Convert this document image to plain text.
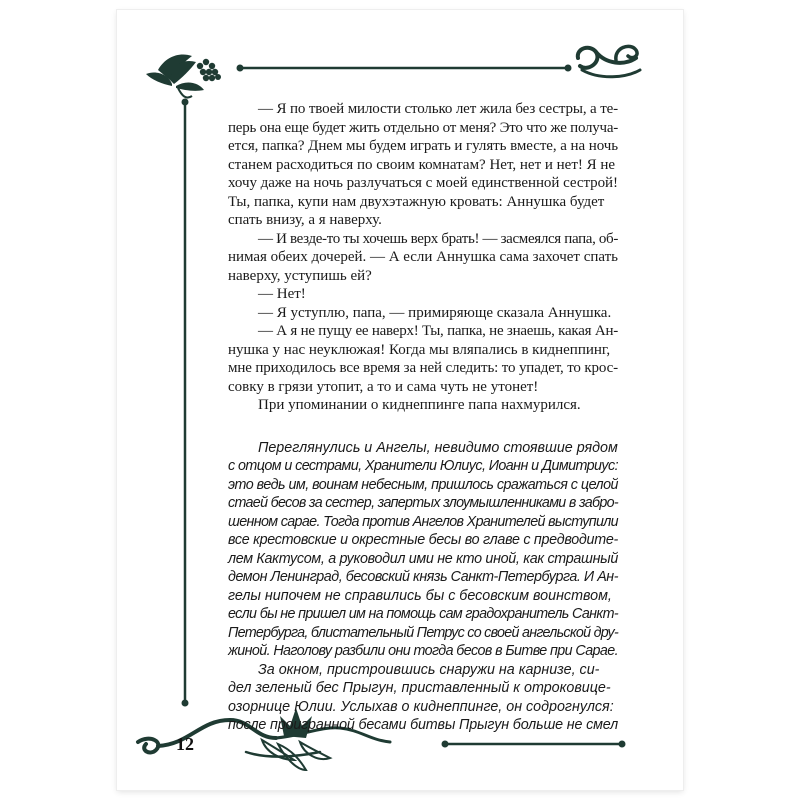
— Я по твоей милости столько лет жила без сестры, а те-

перь она еще будет жить отдельно от меня? Это что же получа-

ется, папка? Днем мы будем играть и гулять вместе, а на ночь

станем расходиться по своим комнатам? Нет, нет и нет! Я не

хочу даже на ночь разлучаться с моей единственной сестрой!

Ты, папка, купи нам двухэтажную кровать: Аннушка будет

спать внизу, а я наверху.

— И везде-то ты хочешь верх брать! — засмеялся папа, об-

нимая обеих дочерей. — А если Аннушка сама захочет спать

наверху, уступишь ей?

— Нет!

— Я уступлю, папа, — примиряюще сказала Аннушка.

— А я не пущу ее наверх! Ты, папка, не знаешь, какая Ан-

нушка у нас неуклюжая! Когда мы вляпались в киднеппинг,

мне приходилось все время за ней следить: то упадет, то крос-

совку в грязи утопит, а то и сама чуть не утонет!

При упоминании о киднеппинге папа нахмурился.

Переглянулись и Ангелы, невидимо стоявшие рядом

с отцом и сестрами, Хранители Юлиус, Иоанн и Димитриус:

это ведь им, воинам небесным, пришлось сражаться с целой

стаей бесов за сестер, запертых злоумышленниками в забро-

шенном сарае. Тогда против Ангелов Хранителей выступили

все крестовские и окрестные бесы во главе с предводите-

лем Кактусом, а руководил ими не кто иной, как страшный

демон Ленинград, бесовский князь Санкт-Петербурга. И Ан-

гелы нипочем не справились бы с бесовским воинством,

если бы не пришел им на помощь сам градохранитель Санкт-

Петербурга, блистательный Петрус со своей ангельской дру-

жиной. Наголову разбили они тогда бесов в Битве при Сарае.

За окном, пристроившись снаружи на карнизе, си-

дел зеленый бес Прыгун, приставленный к отроковице-

озорнице Юлии. Услыхав о киднеппинге, он содрогнулся:

после проигранной бесами битвы Прыгун больше не смел

12
